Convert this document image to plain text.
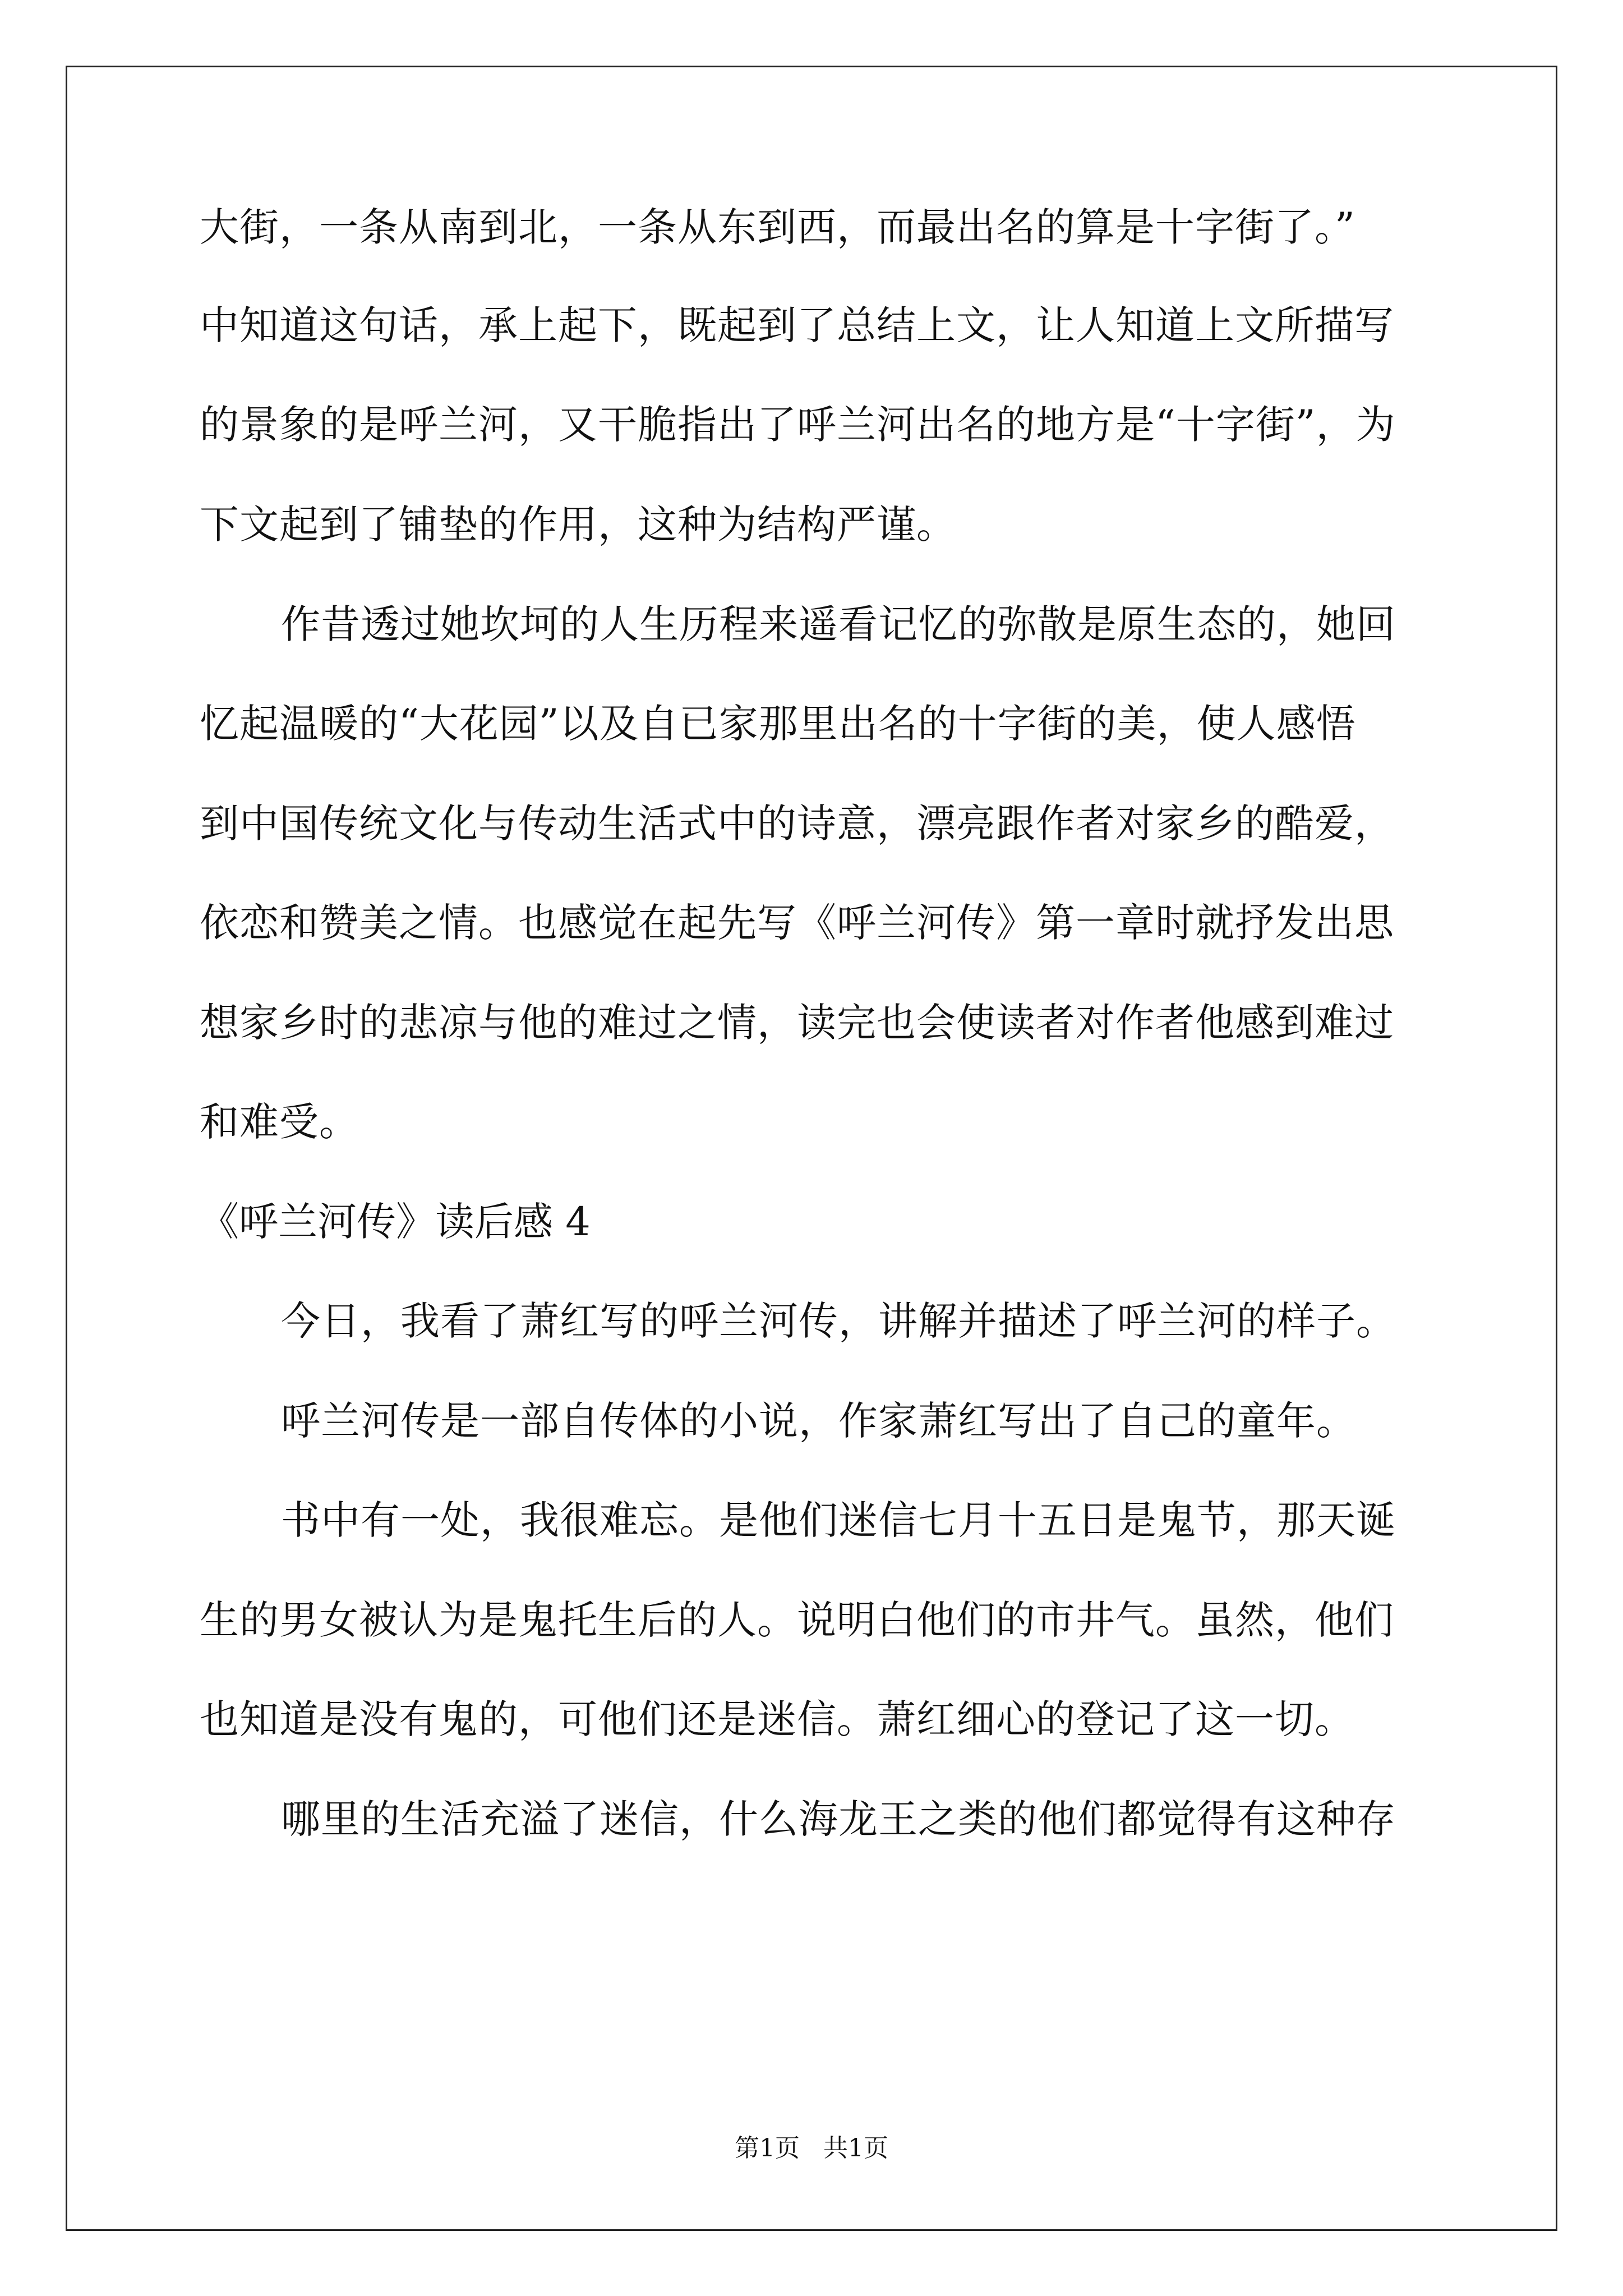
大街，一条从南到北，一条从东到西，而最出名的算是十字街了。”
中知道这句话，承上起下，既起到了总结上文，让人知道上文所描写
的景象的是呼兰河，又干脆指出了呼兰河出名的地方是“十字街”，为
下文起到了铺垫的作用，这种为结构严谨。
作昔透过她坎坷的人生历程来遥看记忆的弥散是原生态的，她回
忆起温暖的“大花园”以及自已家那里出名的十字街的美，使人感悟
到中国传统文化与传动生活式中的诗意，漂亮跟作者对家乡的酷爱，
依恋和赞美之情。也感觉在起先写《呼兰河传》第一章时就抒发出思
想家乡时的悲凉与他的难过之情，读完也会使读者对作者他感到难过
和难受。
《呼兰河传》读后感 4
今日，我看了萧红写的呼兰河传，讲解并描述了呼兰河的样子。
呼兰河传是一部自传体的小说，作家萧红写出了自己的童年。
书中有一处，我很难忘。是他们迷信七月十五日是鬼节，那天诞
生的男女被认为是鬼托生后的人。说明白他们的市井气。虽然，他们
也知道是没有鬼的，可他们还是迷信。萧红细心的登记了这一切。
哪里的生活充溢了迷信，什么海龙王之类的他们都觉得有这种存
第1页   共1页
